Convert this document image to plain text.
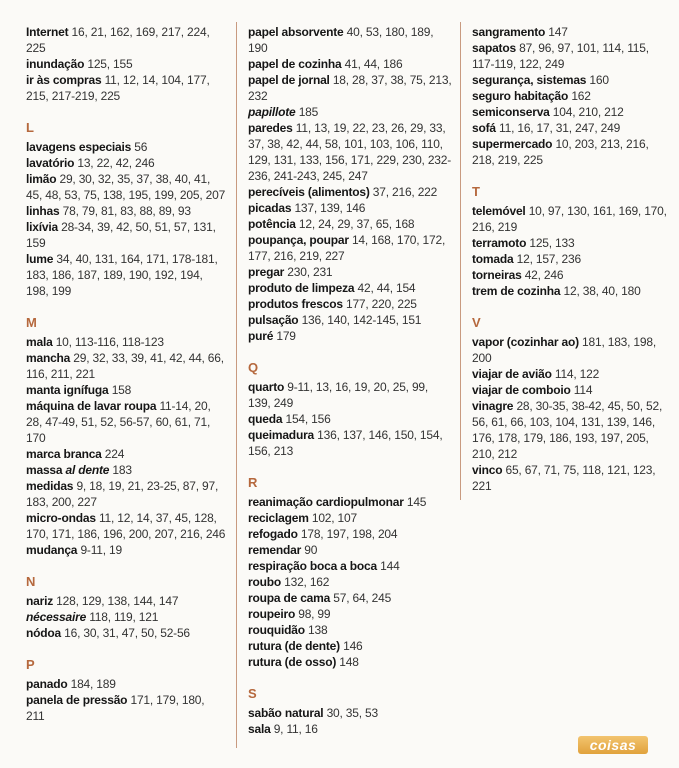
Internet 16, 21, 162, 169, 217, 224, 225

inundação 125, 155

ir às compras 11, 12, 14, 104, 177, 215, 217-219, 225

L

lavagens especiais 56

lavatório 13, 22, 42, 246

limão 29, 30, 32, 35, 37, 38, 40, 41, 45, 48, 53, 75, 138, 195, 199, 205, 207

linhas 78, 79, 81, 83, 88, 89, 93

lixívia 28-34, 39, 42, 50, 51, 57, 131, 159

lume 34, 40, 131, 164, 171, 178-181, 183, 186, 187, 189, 190, 192, 194, 198, 199

M

mala 10, 113-116, 118-123

mancha 29, 32, 33, 39, 41, 42, 44, 66, 116, 211, 221

manta ignífuga 158

máquina de lavar roupa 11-14, 20, 28, 47-49, 51, 52, 56-57, 60, 61, 71, 170

marca branca 224

massa al dente 183

medidas 9, 18, 19, 21, 23-25, 87, 97, 183, 200, 227

micro-ondas 11, 12, 14, 37, 45, 128, 170, 171, 186, 196, 200, 207, 216, 246

mudança 9-11, 19

N

nariz 128, 129, 138, 144, 147

nécessaire 118, 119, 121

nódoa 16, 30, 31, 47, 50, 52-56

P

panado 184, 189

panela de pressão 171, 179, 180, 211

papel absorvente 40, 53, 180, 189, 190

papel de cozinha 41, 44, 186

papel de jornal 18, 28, 37, 38, 75, 213, 232

papillote 185

paredes 11, 13, 19, 22, 23, 26, 29, 33, 37, 38, 42, 44, 58, 101, 103, 106, 110, 129, 131, 133, 156, 171, 229, 230, 232-236, 241-243, 245, 247

perecíveis (alimentos) 37, 216, 222

picadas 137, 139, 146

potência 12, 24, 29, 37, 65, 168

poupança, poupar 14, 168, 170, 172, 177, 216, 219, 227

pregar 230, 231

produto de limpeza 42, 44, 154

produtos frescos 177, 220, 225

pulsação 136, 140, 142-145, 151

puré 179

Q

quarto 9-11, 13, 16, 19, 20, 25, 99, 139, 249

queda 154, 156

queimadura 136, 137, 146, 150, 154, 156, 213

R

reanimação cardiopulmonar 145

reciclagem 102, 107

refogado 178, 197, 198, 204

remendar 90

respiração boca a boca 144

roubo 132, 162

roupa de cama 57, 64, 245

roupeiro 98, 99

rouquidão 138

rutura (de dente) 146

rutura (de osso) 148

S

sabão natural 30, 35, 53

sala 9, 11, 16

sangramento 147

sapatos 87, 96, 97, 101, 114, 115, 117-119, 122, 249

segurança, sistemas 160

seguro habitação 162

semiconserva 104, 210, 212

sofá 11, 16, 17, 31, 247, 249

supermercado 10, 203, 213, 216, 218, 219, 225

T

telemóvel 10, 97, 130, 161, 169, 170, 216, 219

terramoto 125, 133

tomada 12, 157, 236

torneiras 42, 246

trem de cozinha 12, 38, 40, 180

V

vapor (cozinhar ao) 181, 183, 198, 200

viajar de avião 114, 122

viajar de comboio 114

vinagre 28, 30-35, 38-42, 45, 50, 52, 56, 61, 66, 103, 104, 131, 139, 146, 176, 178, 179, 186, 193, 197, 205, 210, 212

vinco 65, 67, 71, 75, 118, 121, 123, 221

coisas
